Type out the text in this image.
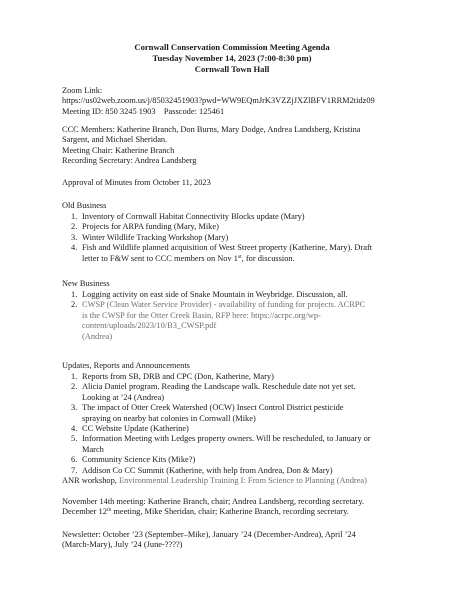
Cornwall Conservation Commission Meeting Agenda
Tuesday November 14, 2023 (7:00-8:30 pm)
Cornwall Town Hall
Zoom Link:
https://us02web.zoom.us/j/85032451903?pwd=WW9EQmJrK3VZZjJXZlBFV1RRM2tidz09
Meeting ID: 850 3245 1903    Passcode: 125461
CCC Members: Katherine Branch, Don Burns, Mary Dodge, Andrea Landsberg, Kristina
Sargent, and Michael Sheridan.
Meeting Chair: Katherine Branch
Recording Secretary: Andrea Landsberg
Approval of Minutes from October 11, 2023
Old Business
1. Inventory of Cornwall Habitat Connectivity Blocks update (Mary)
2. Projects for ARPA funding (Mary, Mike)
3. Winter Wildlife Tracking Workshop (Mary)
4. Fish and Wildlife planned acquisition of West Street property (Katherine, Mary). Draft
letter to F&W sent to CCC members on Nov 1st, for discussion.
New Business
1. Logging activity on east side of Snake Mountain in Weybridge. Discussion, all.
2. CWSP (Clean Water Service Provider) - availability of funding for projects. ACRPC
is the CWSP for the Otter Creek Basin, RFP here: https://acrpc.org/wp-
content/uploads/2023/10/B3_CWSP.pdf
(Andrea)
Updates, Reports and Announcements
1. Reports from SB, DRB and CPC (Don, Katherine, Mary)
2. Alicia Daniel program. Reading the Landscape walk. Reschedule date not yet set.
Looking at ’24 (Andrea)
3. The impact of Otter Creek Watershed (OCW) Insect Control District pesticide
spraying on nearby bat colonies in Cornwall (Mike)
4. CC Website Update (Katherine)
5. Information Meeting with Ledges property owners. Will be rescheduled, to January or
March
6. Community Science Kits (Mike?)
7. Addison Co CC Summit (Katherine, with help from Andrea, Don & Mary)
ANR workshop, Environmental Leadership Training I: From Science to Planning (Andrea)
November 14th meeting: Katherine Branch, chair; Andrea Landsberg, recording secretary.
December 12th meeting, Mike Sheridan, chair; Katherine Branch, recording secretary.
Newsletter: October ’23 (September–Mike), January ’24 (December-Andrea), April ’24
(March-Mary), July ’24 (June-????)
